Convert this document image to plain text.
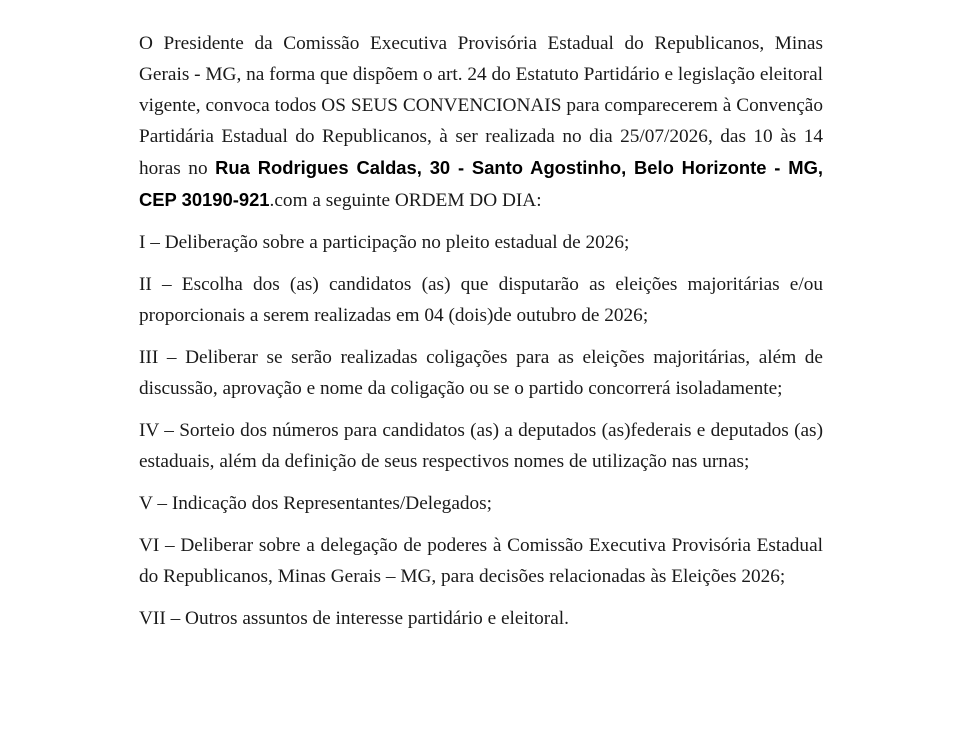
O Presidente da Comissão Executiva Provisória Estadual do Republicanos, Minas Gerais - MG, na forma que dispõem o art. 24 do Estatuto Partidário e legislação eleitoral vigente, convoca todos OS SEUS CONVENCIONAIS para comparecerem à Convenção Partidária Estadual do Republicanos, à ser realizada no dia 25/07/2026, das 10 às 14 horas no Rua Rodrigues Caldas, 30 - Santo Agostinho, Belo Horizonte - MG, CEP 30190-921.com a seguinte ORDEM DO DIA:

I – Deliberação sobre a participação no pleito estadual de 2026;

II – Escolha dos (as) candidatos (as) que disputarão as eleições majoritárias e/ou proporcionais a serem realizadas em 04 (dois)de outubro de 2026;

III – Deliberar se serão realizadas coligações para as eleições majoritárias, além de discussão, aprovação e nome da coligação ou se o partido concorrerá isoladamente;

IV – Sorteio dos números para candidatos (as) a deputados (as)federais e deputados (as) estaduais, além da definição de seus respectivos nomes de utilização nas urnas;

V – Indicação dos Representantes/Delegados;

VI – Deliberar sobre a delegação de poderes à Comissão Executiva Provisória Estadual do Republicanos, Minas Gerais – MG, para decisões relacionadas às Eleições 2026;

VII – Outros assuntos de interesse partidário e eleitoral.
